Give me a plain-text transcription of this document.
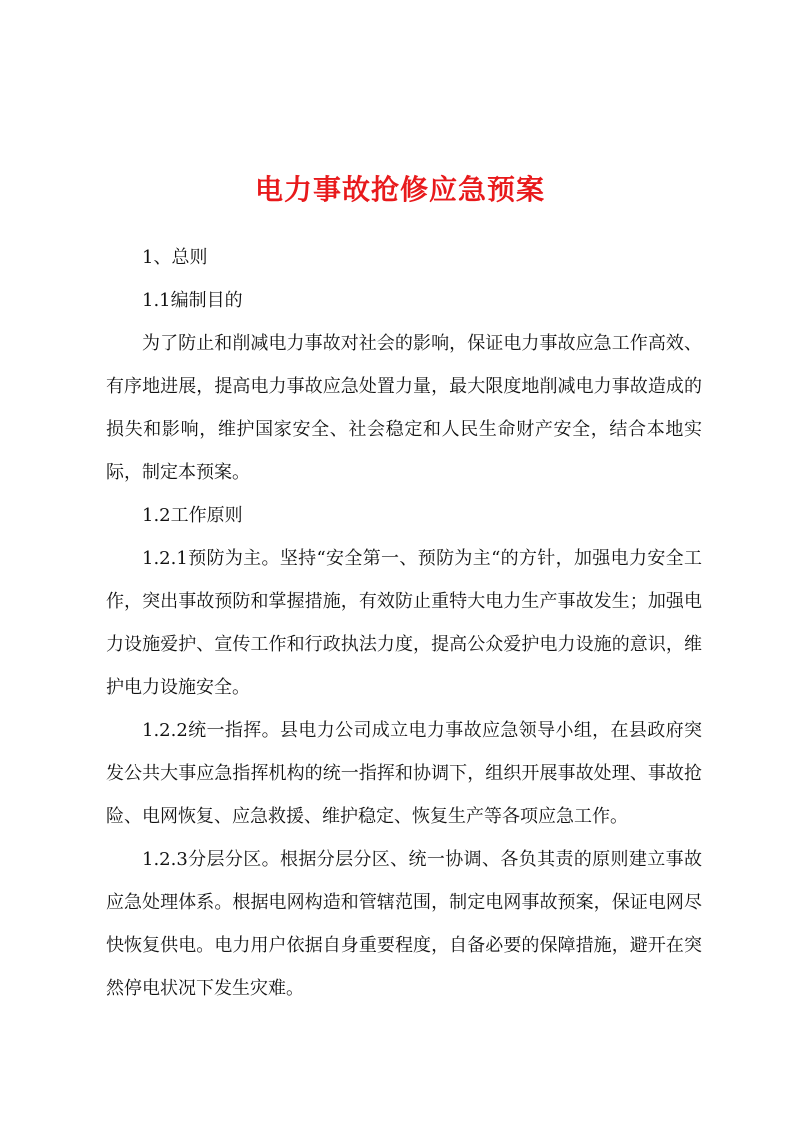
电力事故抢修应急预案

1、总则

1.1编制目的

为了防止和削减电力事故对社会的影响，保证电力事故应急工作高效、有序地进展，提高电力事故应急处置力量，最大限度地削减电力事故造成的损失和影响，维护国家安全、社会稳定和人民生命财产安全，结合本地实际，制定本预案。

1.2工作原则

1.2.1预防为主。坚持“安全第一、预防为主“的方针，加强电力安全工作，突出事故预防和掌握措施，有效防止重特大电力生产事故发生；加强电力设施爱护、宣传工作和行政执法力度，提高公众爱护电力设施的意识，维护电力设施安全。

1.2.2统一指挥。县电力公司成立电力事故应急领导小组，在县政府突发公共大事应急指挥机构的统一指挥和协调下，组织开展事故处理、事故抢险、电网恢复、应急救援、维护稳定、恢复生产等各项应急工作。

1.2.3分层分区。根据分层分区、统一协调、各负其责的原则建立事故应急处理体系。根据电网构造和管辖范围，制定电网事故预案，保证电网尽快恢复供电。电力用户依据自身重要程度，自备必要的保障措施，避开在突然停电状况下发生灾难。
